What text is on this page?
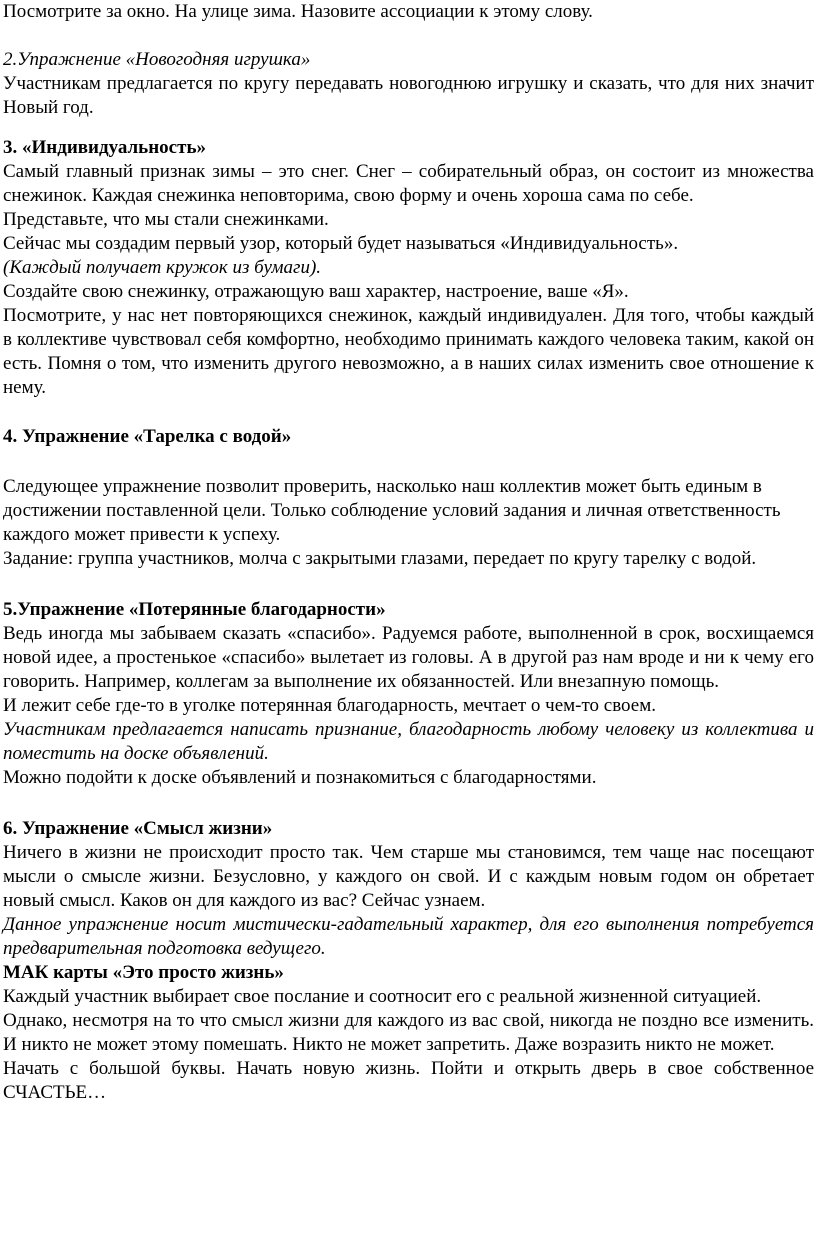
Посмотрите за окно. На улице зима. Назовите ассоциации к этому слову.

2.Упражнение «Новогодняя игрушка»

Участникам предлагается по кругу передавать новогоднюю игрушку и сказать, что для них значит Новый год.

3. «Индивидуальность»

Самый главный признак зимы – это снег. Снег – собирательный образ, он состоит из множества снежинок. Каждая снежинка неповторима, свою форму и очень хороша сама по себе.

Представьте, что мы стали снежинками.

Сейчас мы создадим первый узор, который будет называться «Индивидуальность».

(Каждый получает кружок из бумаги).

Создайте свою снежинку, отражающую ваш характер, настроение, ваше «Я».

Посмотрите, у нас нет повторяющихся снежинок, каждый индивидуален. Для того, чтобы каждый в коллективе чувствовал себя комфортно, необходимо принимать каждого человека таким, какой он есть. Помня о том, что изменить другого невозможно, а в наших силах изменить свое отношение к нему.

4. Упражнение «Тарелка с водой»

Следующее упражнение позволит проверить, насколько наш коллектив может быть единым в достижении поставленной цели. Только соблюдение условий задания и личная ответственность каждого может привести к успеху.

Задание: группа участников, молча с закрытыми глазами, передает по кругу тарелку с водой.

5.Упражнение «Потерянные благодарности»

Ведь иногда мы забываем сказать «спасибо». Радуемся работе, выполненной в срок, восхищаемся новой идее, а простенькое «спасибо» вылетает из головы. А в другой раз нам вроде и ни к чему его говорить. Например, коллегам за выполнение их обязанностей. Или внезапную помощь.

И лежит себе где-то в уголке потерянная благодарность, мечтает о чем-то своем.

Участникам предлагается написать признание, благодарность любому человеку из коллектива и поместить на доске объявлений.

Можно подойти к доске объявлений и познакомиться с благодарностями.

6. Упражнение «Смысл жизни»

Ничего в жизни не происходит просто так. Чем старше мы становимся, тем чаще нас посещают мысли о смысле жизни. Безусловно, у каждого он свой. И с каждым новым годом он обретает новый смысл. Каков он для каждого из вас? Сейчас узнаем.

Данное упражнение носит мистически-гадательный характер, для его выполнения потребуется предварительная подготовка ведущего.

МАК карты «Это просто жизнь»

Каждый участник выбирает свое послание и соотносит его с реальной жизненной ситуацией.

Однако, несмотря на то что смысл жизни для каждого из вас свой, никогда не поздно все изменить. И никто не может этому помешать. Никто не может запретить. Даже возразить никто не может.

Начать с большой буквы. Начать новую жизнь. Пойти и открыть дверь в свое собственное СЧАСТЬЕ…
